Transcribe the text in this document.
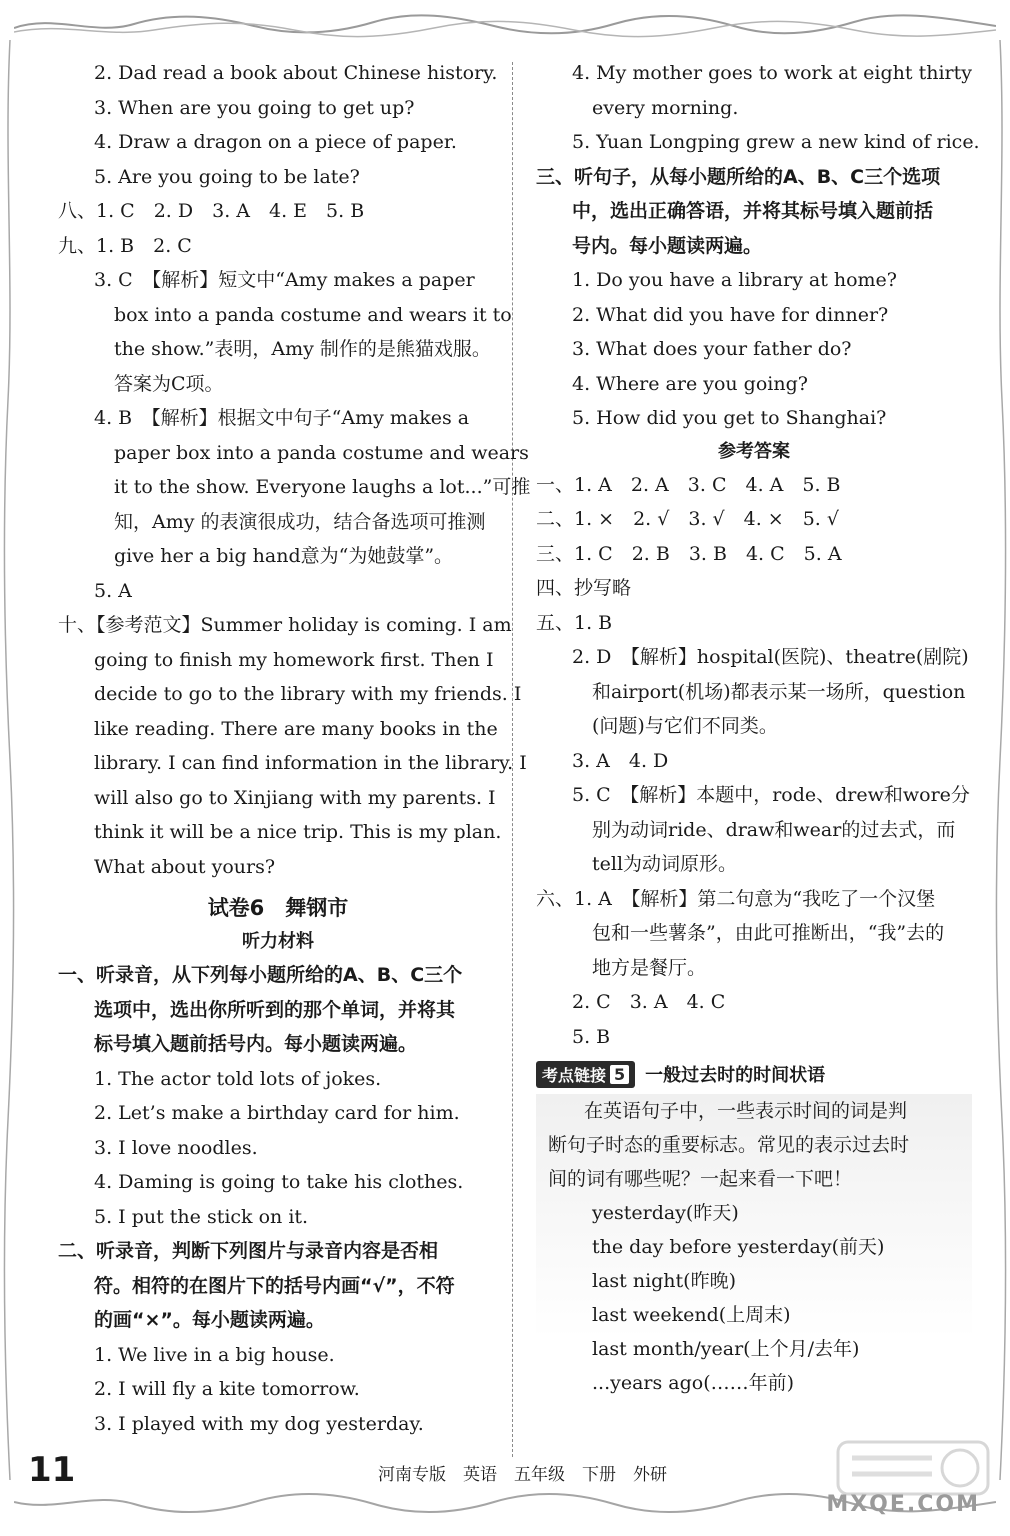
2. Dad read a book about Chinese history.
3. When are you going to get up?
4. Draw a dragon on a piece of paper.
5. Are you going to be late?
八、1. C　2. D　3. A　4. E　5. B
九、1. B　2. C
3. C　【解析】短文中“Amy makes a paper
box into a panda costume and wears it to
the show.”表明，Amy 制作的是熊猫戏服。
答案为C项。
4. B　【解析】根据文中句子“Amy makes a
paper box into a panda costume and wears
it to the show. Everyone laughs a lot...”可推
知，Amy 的表演很成功，结合备选项可推测
give her a big hand意为“为她鼓掌”。
5. A
十、【参考范文】Summer holiday is coming. I am
going to finish my homework first. Then I
decide to go to the library with my friends. I
like reading. There are many books in the
library. I can find information in the library. I
will also go to Xinjiang with my parents. I
think it will be a nice trip. This is my plan.
What about yours?
试卷6　舞钢市
听力材料
一、听录音，从下列每小题所给的A、B、C三个
选项中，选出你所听到的那个单词，并将其
标号填入题前括号内。每小题读两遍。
1. The actor told lots of jokes.
2. Let’s make a birthday card for him.
3. I love noodles.
4. Daming is going to take his clothes.
5. I put the stick on it.
二、听录音，判断下列图片与录音内容是否相
符。相符的在图片下的括号内画“√”，不符
的画“×”。每小题读两遍。
1. We live in a big house.
2. I will fly a kite tomorrow.
3. I played with my dog yesterday.
4. My mother goes to work at eight thirty
every morning.
5. Yuan Longping grew a new kind of rice.
三、听句子，从每小题所给的A、B、C三个选项
中，选出正确答语，并将其标号填入题前括
号内。每小题读两遍。
1. Do you have a library at home?
2. What did you have for dinner?
3. What does your father do?
4. Where are you going?
5. How did you get to Shanghai?
参考答案
一、1. A　2. A　3. C　4. A　5. B
二、1. ×　2. √　3. √　4. ×　5. √
三、1. C　2. B　3. B　4. C　5. A
四、抄写略
五、1. B
2. D　【解析】hospital(医院)、theatre(剧院)
和airport(机场)都表示某一场所，question
(问题)与它们不同类。
3. A　4. D
5. C　【解析】本题中，rode、drew和wore分
别为动词ride、draw和wear的过去式，而
tell为动词原形。
六、1. A　【解析】第二句意为“我吃了一个汉堡
包和一些薯条”，由此可推断出，“我”去的
地方是餐厅。
2. C　3. A　4. C
5. B
考点链接 5 一般过去时的时间状语
在英语句子中，一些表示时间的词是判
断句子时态的重要标志。常见的表示过去时
间的词有哪些呢？一起来看一下吧！
yesterday(昨天)
the day before yesterday(前天)
last night(昨晚)
last weekend(上周末)
last month/year(上个月/去年)
...years ago(……年前)
11	河南专版　英语　五年级　下册　外研
MXQE.COM
